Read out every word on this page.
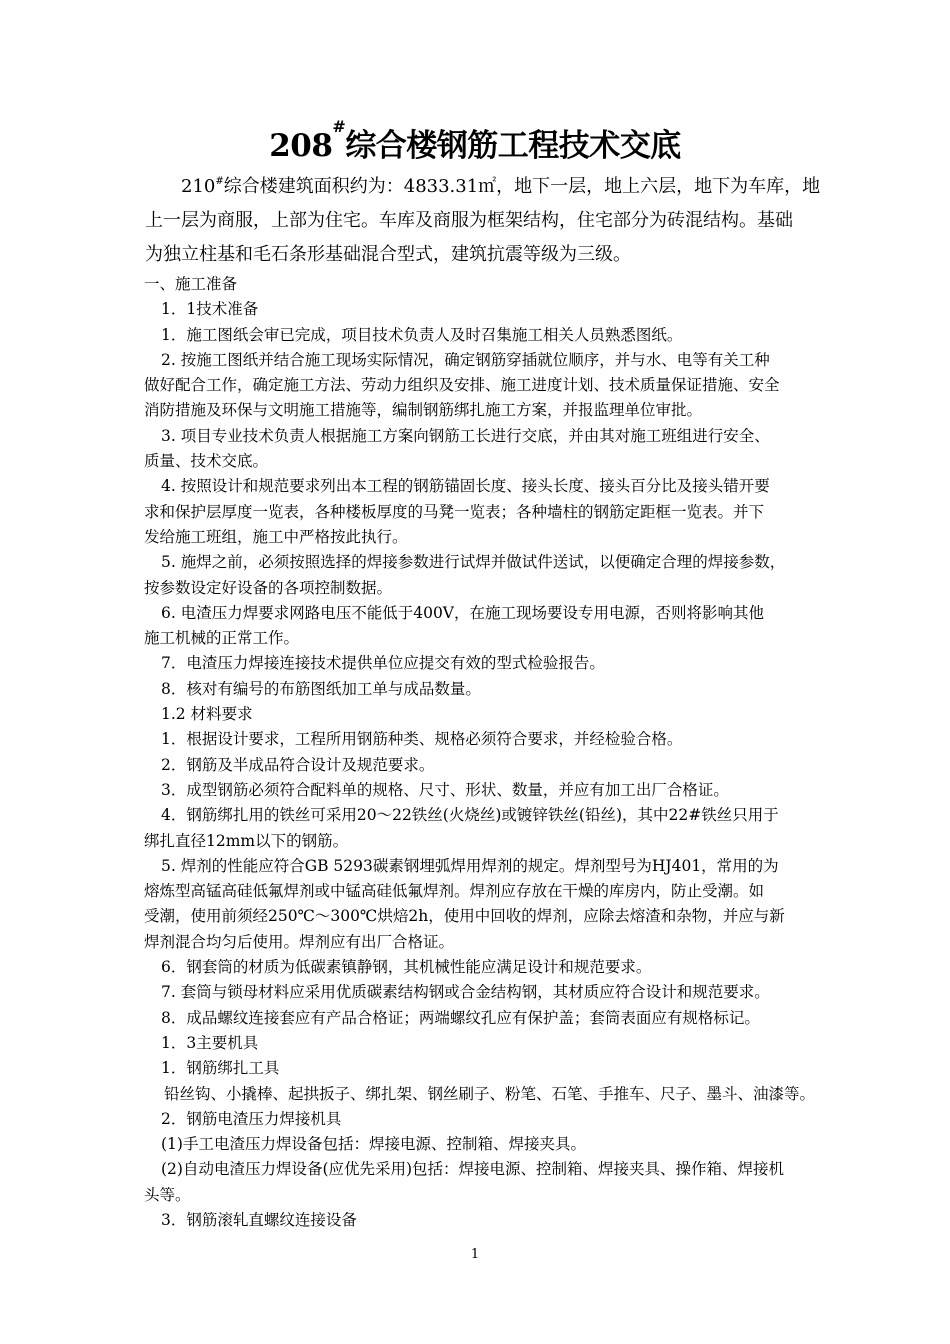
208#综合楼钢筋工程技术交底
210#综合楼建筑面积约为：4833.31㎡，地下一层，地上六层，地下为车库，地
上一层为商服，上部为住宅。车库及商服为框架结构，住宅部分为砖混结构。基础
为独立柱基和毛石条形基础混合型式，建筑抗震等级为三级。
一、施工准备
1．1技术准备
1．施工图纸会审已完成，项目技术负责人及时召集施工相关人员熟悉图纸。
2. 按施工图纸并结合施工现场实际情况，确定钢筋穿插就位顺序，并与水、电等有关工种
做好配合工作，确定施工方法、劳动力组织及安排、施工进度计划、技术质量保证措施、安全
消防措施及环保与文明施工措施等，编制钢筋绑扎施工方案，并报监理单位审批。
3. 项目专业技术负责人根据施工方案向钢筋工长进行交底，并由其对施工班组进行安全、
质量、技术交底。
4. 按照设计和规范要求列出本工程的钢筋锚固长度、接头长度、接头百分比及接头错开要
求和保护层厚度一览表，各种楼板厚度的马凳一览表；各种墙柱的钢筋定距框一览表。并下
发给施工班组，施工中严格按此执行。
5. 施焊之前，必须按照选择的焊接参数进行试焊并做试件送试，以便确定合理的焊接参数，
按参数设定好设备的各项控制数据。
6. 电渣压力焊要求网路电压不能低于400V，在施工现场要设专用电源，否则将影响其他
施工机械的正常工作。
7．电渣压力焊接连接技术提供单位应提交有效的型式检验报告。
8．核对有编号的布筋图纸加工单与成品数量。
1.2 材料要求
1．根据设计要求，工程所用钢筋种类、规格必须符合要求，并经检验合格。
2．钢筋及半成品符合设计及规范要求。
3．成型钢筋必须符合配料单的规格、尺寸、形状、数量，并应有加工出厂合格证。
4．钢筋绑扎用的铁丝可采用20～22铁丝(火烧丝)或镀锌铁丝(铅丝)，其中22#铁丝只用于
绑扎直径12mm以下的钢筋。
5. 焊剂的性能应符合GB 5293碳素钢埋弧焊用焊剂的规定。焊剂型号为HJ401，常用的为
熔炼型高锰高硅低氟焊剂或中锰高硅低氟焊剂。焊剂应存放在干燥的库房内，防止受潮。如
受潮，使用前须经250℃～300℃烘焙2h，使用中回收的焊剂，应除去熔渣和杂物，并应与新
焊剂混合均匀后使用。焊剂应有出厂合格证。
6．钢套筒的材质为低碳素镇静钢，其机械性能应满足设计和规范要求。
7. 套筒与锁母材料应采用优质碳素结构钢或合金结构钢，其材质应符合设计和规范要求。
8．成品螺纹连接套应有产品合格证；两端螺纹孔应有保护盖；套筒表面应有规格标记。
1．3主要机具
1．钢筋绑扎工具
铅丝钩、小撬棒、起拱扳子、绑扎架、钢丝刷子、粉笔、石笔、手推车、尺子、墨斗、油漆等。
2．钢筋电渣压力焊接机具
(1)手工电渣压力焊设备包括：焊接电源、控制箱、焊接夹具。
(2)自动电渣压力焊设备(应优先采用)包括：焊接电源、控制箱、焊接夹具、操作箱、焊接机
头等。
3．钢筋滚轧直螺纹连接设备
1
